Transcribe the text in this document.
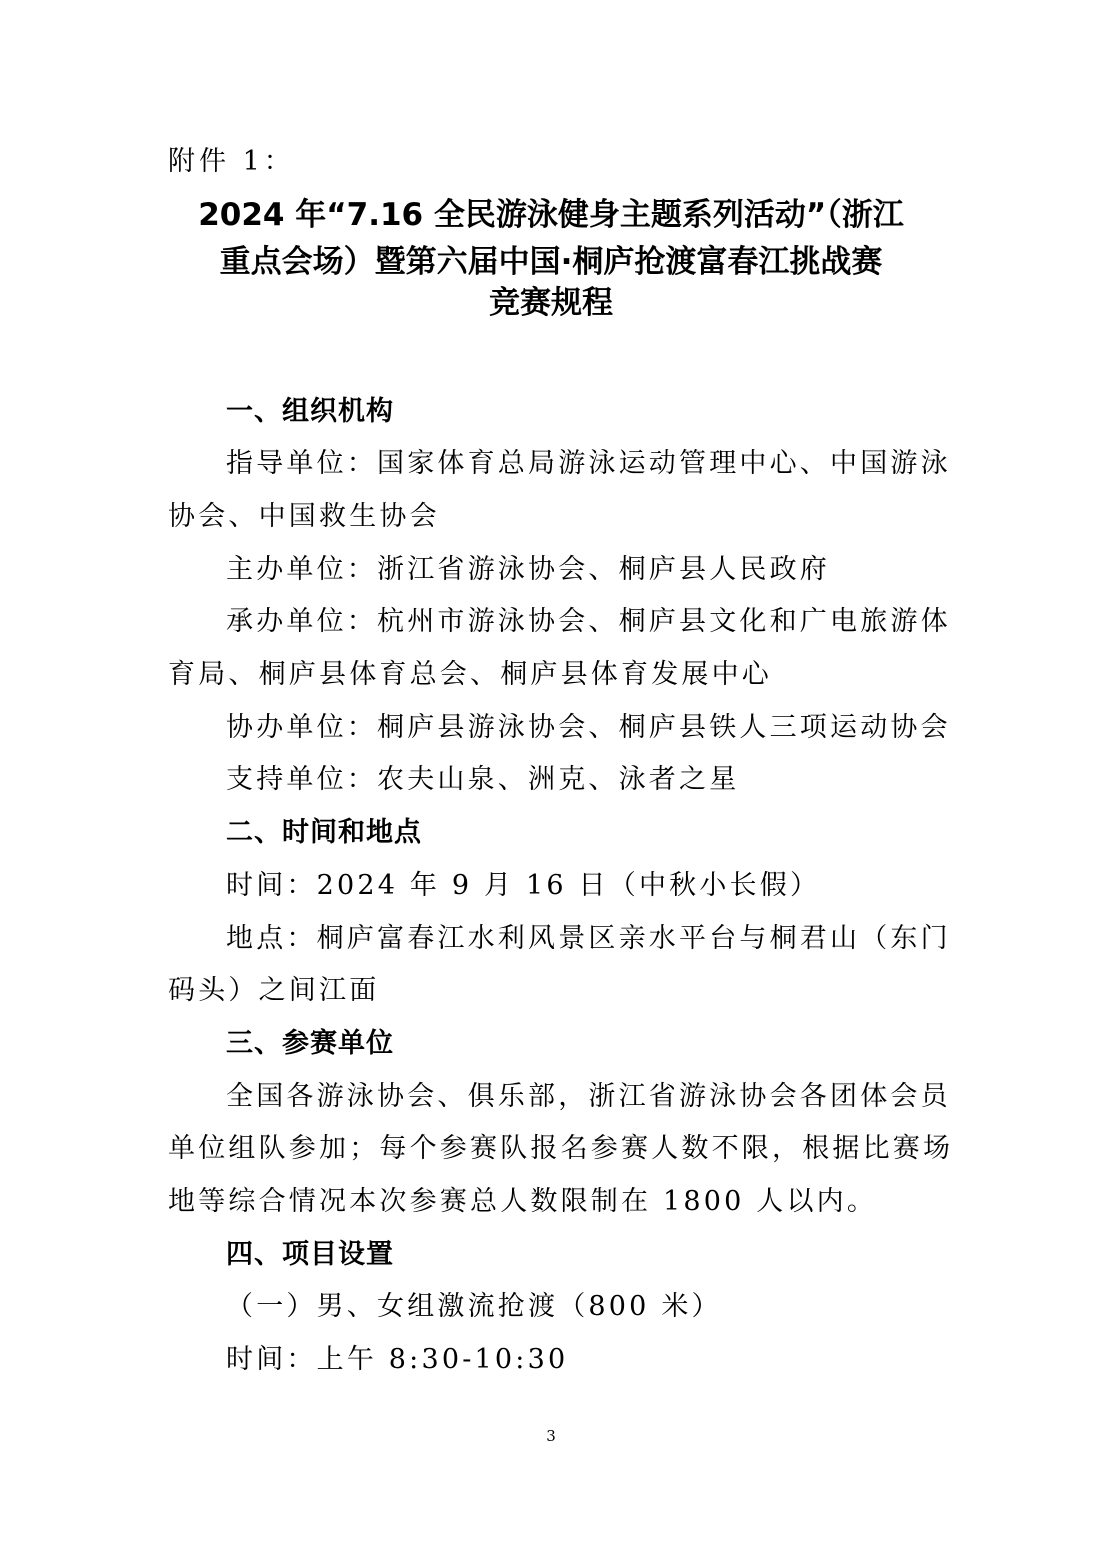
附件 1：
2024 年“7.16 全民游泳健身主题系列活动”（浙江
重点会场）暨第六届中国·桐庐抢渡富春江挑战赛
竞赛规程
一、组织机构
指导单位：国家体育总局游泳运动管理中心、中国游泳
协会、中国救生协会
主办单位：浙江省游泳协会、桐庐县人民政府
承办单位：杭州市游泳协会、桐庐县文化和广电旅游体
育局、桐庐县体育总会、桐庐县体育发展中心
协办单位：桐庐县游泳协会、桐庐县铁人三项运动协会
支持单位：农夫山泉、洲克、泳者之星
二、时间和地点
时间：2024 年 9 月 16 日（中秋小长假）
地点：桐庐富春江水利风景区亲水平台与桐君山（东门
码头）之间江面
三、参赛单位
全国各游泳协会、俱乐部，浙江省游泳协会各团体会员
单位组队参加；每个参赛队报名参赛人数不限，根据比赛场
地等综合情况本次参赛总人数限制在 1800 人以内。
四、项目设置
（一）男、女组激流抢渡（800 米）
时间：上午 8:30-10:30
3
